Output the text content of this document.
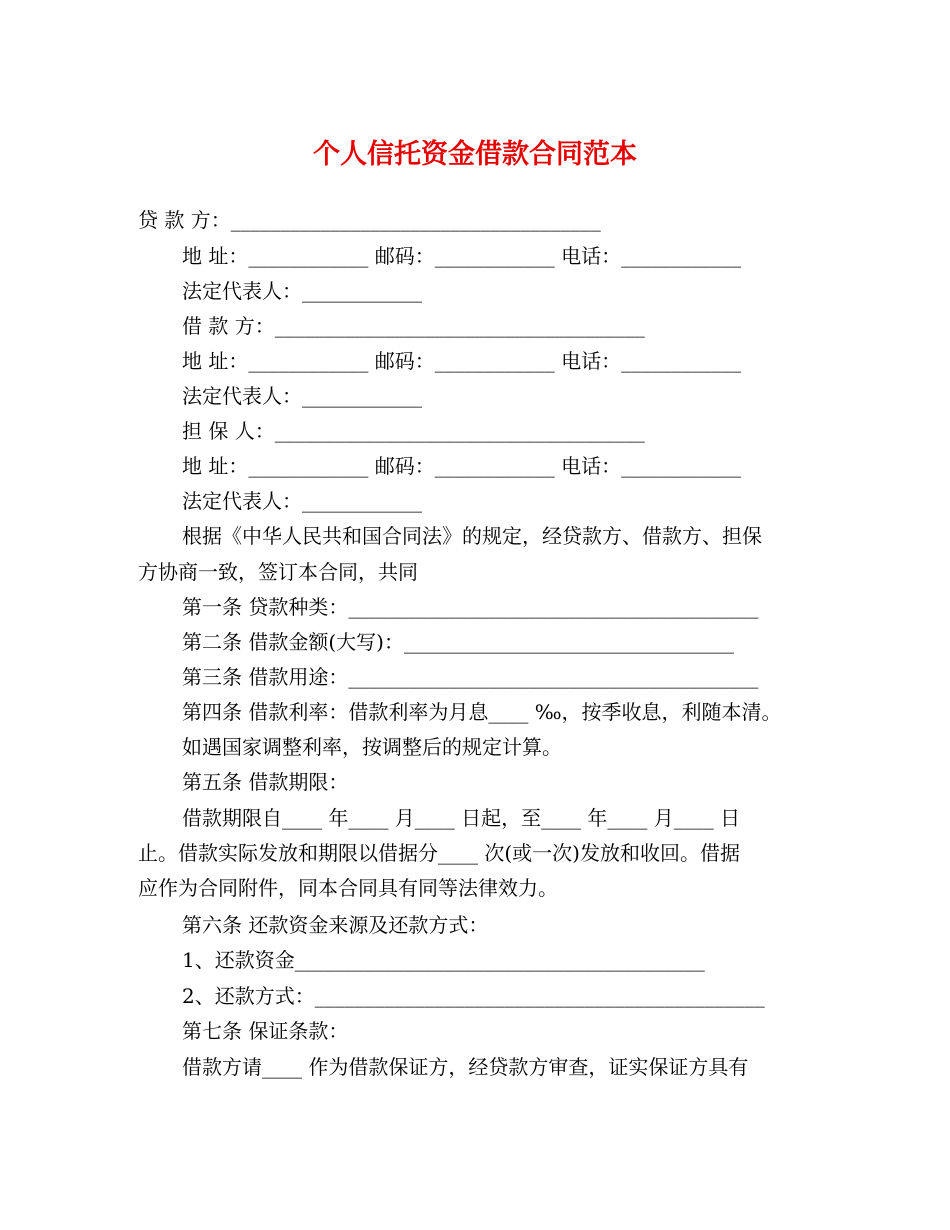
个人信托资金借款合同范本
贷 款 方：_____________________________________
地 址：____________ 邮码：____________ 电话：____________
法定代表人：____________
借 款 方：_____________________________________
地 址：____________ 邮码：____________ 电话：____________
法定代表人：____________
担 保 人：_____________________________________
地 址：____________ 邮码：____________ 电话：____________
法定代表人：____________
根据《中华人民共和国合同法》的规定，经贷款方、借款方、担保
方协商一致，签订本合同，共同
第一条 贷款种类：_________________________________________
第二条 借款金额(大写)：_________________________________
第三条 借款用途：_________________________________________
第四条 借款利率：借款利率为月息____ ‰，按季收息，利随本清。
如遇国家调整利率，按调整后的规定计算。
第五条 借款期限：
借款期限自____ 年____ 月____ 日起，至____ 年____ 月____ 日
止。借款实际发放和期限以借据分____ 次(或一次)发放和收回。借据
应作为合同附件，同本合同具有同等法律效力。
第六条 还款资金来源及还款方式：
1、还款资金_________________________________________
2、还款方式：_____________________________________________
第七条 保证条款：
借款方请____ 作为借款保证方，经贷款方审查，证实保证方具有
